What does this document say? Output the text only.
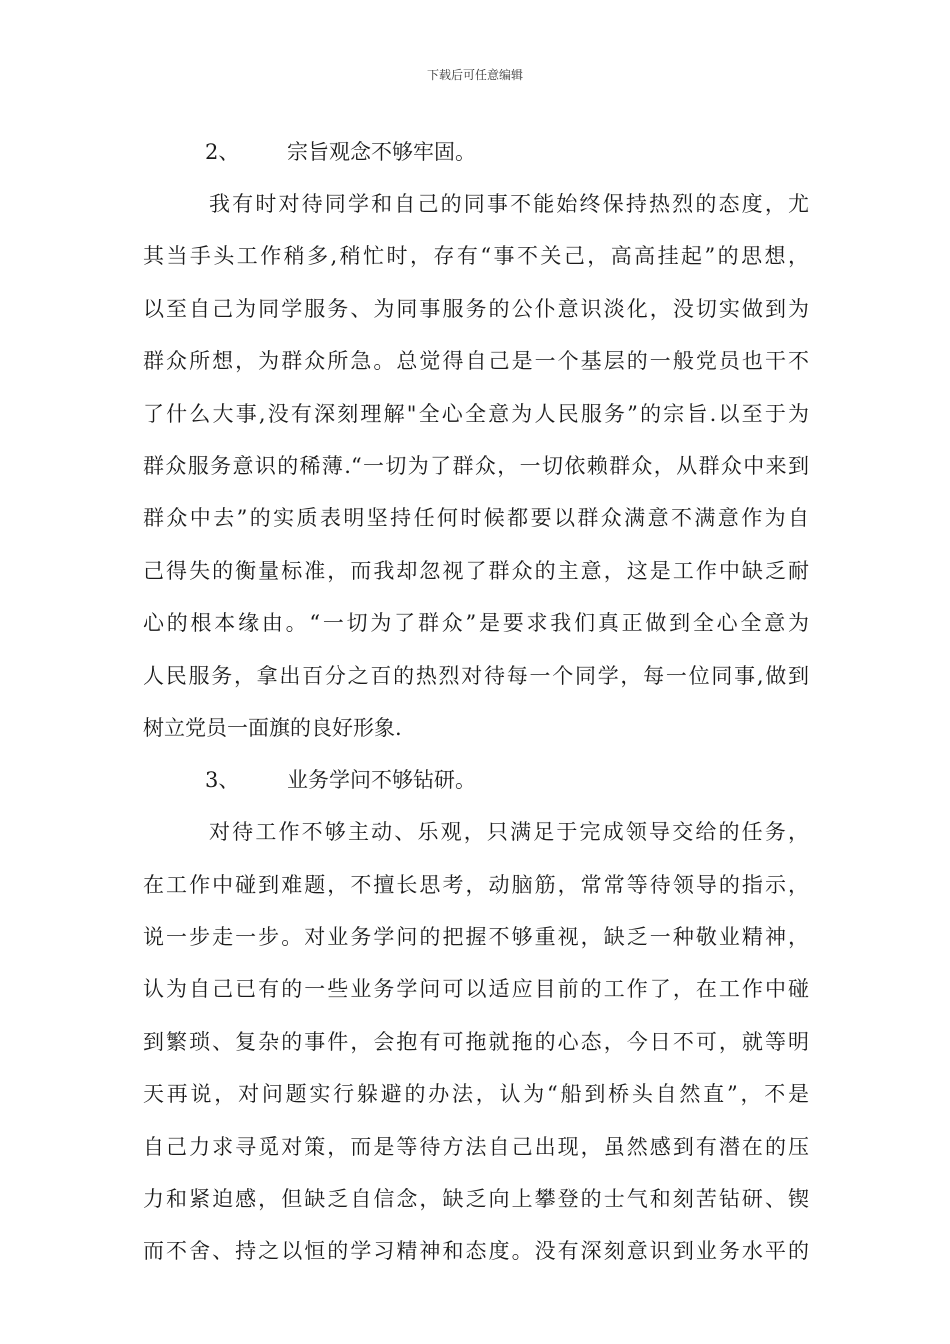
下载后可任意编辑
2、 宗旨观念不够牢固。
我有时对待同学和自己的同事不能始终保持热烈的态度，尤
其当手头工作稍多,稍忙时，存有“事不关己，高高挂起”的思想，
以至自己为同学服务、为同事服务的公仆意识淡化，没切实做到为
群众所想，为群众所急。总觉得自己是一个基层的一般党员也干不
了什么大事,没有深刻理解"全心全意为人民服务”的宗旨.以至于为
群众服务意识的稀薄.“一切为了群众，一切依赖群众，从群众中来到
群众中去”的实质表明坚持任何时候都要以群众满意不满意作为自
己得失的衡量标准，而我却忽视了群众的主意，这是工作中缺乏耐
心的根本缘由。“一切为了群众”是要求我们真正做到全心全意为
人民服务，拿出百分之百的热烈对待每一个同学，每一位同事,做到
树立党员一面旗的良好形象.
3、 业务学问不够钻研。
对待工作不够主动、乐观，只满足于完成领导交给的任务，
在工作中碰到难题，不擅长思考，动脑筋，常常等待领导的指示，
说一步走一步。对业务学问的把握不够重视，缺乏一种敬业精神，
认为自己已有的一些业务学问可以适应目前的工作了，在工作中碰
到繁琐、复杂的事件，会抱有可拖就拖的心态，今日不可，就等明
天再说，对问题实行躲避的办法，认为“船到桥头自然直”，不是
自己力求寻觅对策，而是等待方法自己出现，虽然感到有潜在的压
力和紧迫感，但缺乏自信念，缺乏向上攀登的士气和刻苦钻研、锲
而不舍、持之以恒的学习精神和态度。没有深刻意识到业务水平的
